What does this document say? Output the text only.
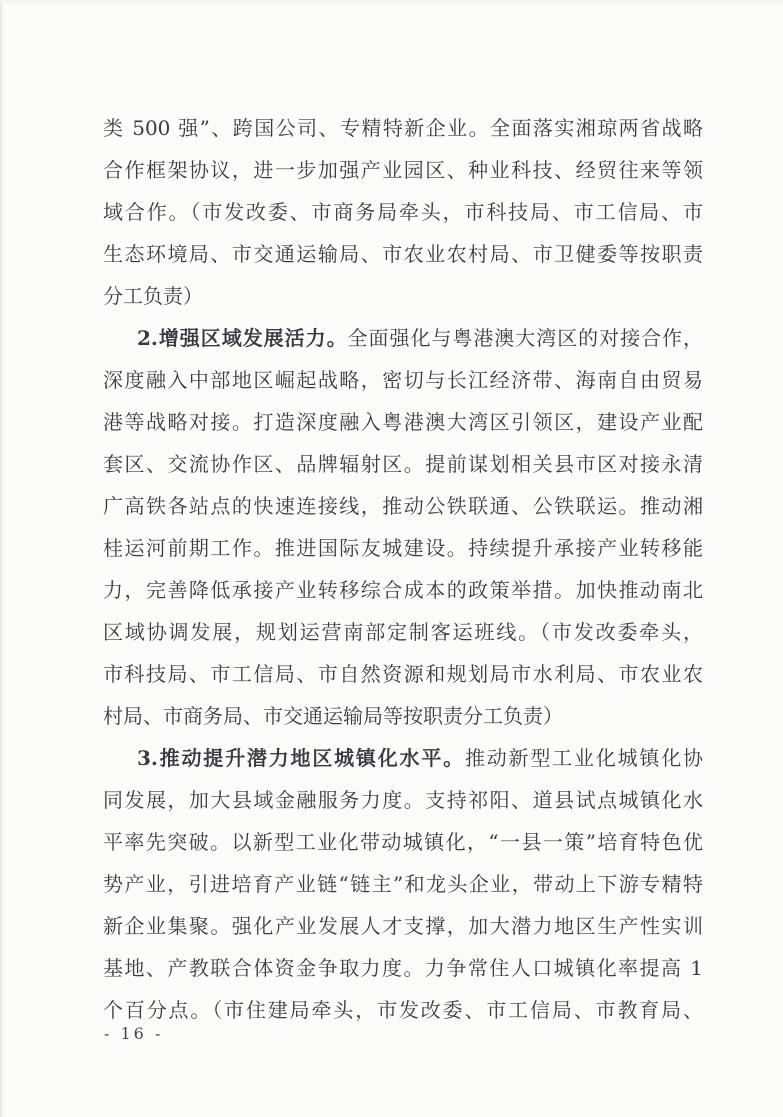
类 500 强”、跨国公司、专精特新企业。全面落实湘琼两省战略
合作框架协议，进一步加强产业园区、种业科技、经贸往来等领
域合作。（市发改委、市商务局牵头，市科技局、市工信局、市
生态环境局、市交通运输局、市农业农村局、市卫健委等按职责
分工负责）
2.增强区域发展活力。全面强化与粤港澳大湾区的对接合作，
深度融入中部地区崛起战略，密切与长江经济带、海南自由贸易
港等战略对接。打造深度融入粤港澳大湾区引领区，建设产业配
套区、交流协作区、品牌辐射区。提前谋划相关县市区对接永清
广高铁各站点的快速连接线，推动公铁联通、公铁联运。推动湘
桂运河前期工作。推进国际友城建设。持续提升承接产业转移能
力，完善降低承接产业转移综合成本的政策举措。加快推动南北
区域协调发展，规划运营南部定制客运班线。（市发改委牵头，
市科技局、市工信局、市自然资源和规划局市水利局、市农业农
村局、市商务局、市交通运输局等按职责分工负责）
3.推动提升潜力地区城镇化水平。推动新型工业化城镇化协
同发展，加大县域金融服务力度。支持祁阳、道县试点城镇化水
平率先突破。以新型工业化带动城镇化，“一县一策”培育特色优
势产业，引进培育产业链“链主”和龙头企业，带动上下游专精特
新企业集聚。强化产业发展人才支撑，加大潜力地区生产性实训
基地、产教联合体资金争取力度。力争常住人口城镇化率提高 1
个百分点。（市住建局牵头，市发改委、市工信局、市教育局、
- 16 -
